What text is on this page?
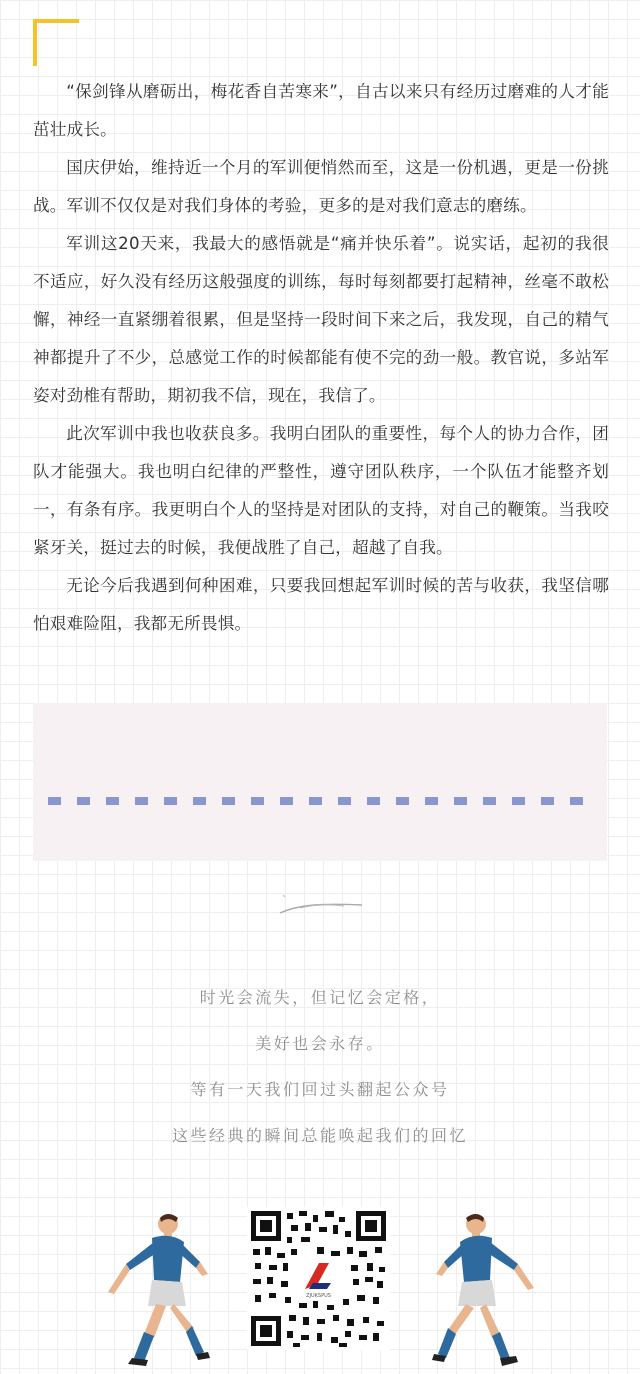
“保剑锋从磨砺出，梅花香自苦寒来”，自古以来只有经历过磨难的人才能茁壮成长。

国庆伊始，维持近一个月的军训便悄然而至，这是一份机遇，更是一份挑战。军训不仅仅是对我们身体的考验，更多的是对我们意志的磨练。

军训这20天来，我最大的感悟就是“痛并快乐着”。说实话，起初的我很不适应，好久没有经历这般强度的训练，每时每刻都要打起精神，丝毫不敢松懈，神经一直紧绷着很累，但是坚持一段时间下来之后，我发现，自己的精气神都提升了不少，总感觉工作的时候都能有使不完的劲一般。教官说，多站军姿对劲椎有帮助，期初我不信，现在，我信了。

此次军训中我也收获良多。我明白团队的重要性，每个人的协力合作，团队才能强大。我也明白纪律的严整性，遵守团队秩序，一个队伍才能整齐划一，有条有序。我更明白个人的坚持是对团队的支持，对自己的鞭策。当我咬紧牙关，挺过去的时候，我便战胜了自己，超越了自我。

无论今后我遇到何种困难，只要我回想起军训时候的苦与收获，我坚信哪怕艰难险阻，我都无所畏惧。

时光会流失，但记忆会定格，
美好也会永存。
等有一天我们回过头翻起公众号
这些经典的瞬间总能唤起我们的回忆
ZJUKSPUS
